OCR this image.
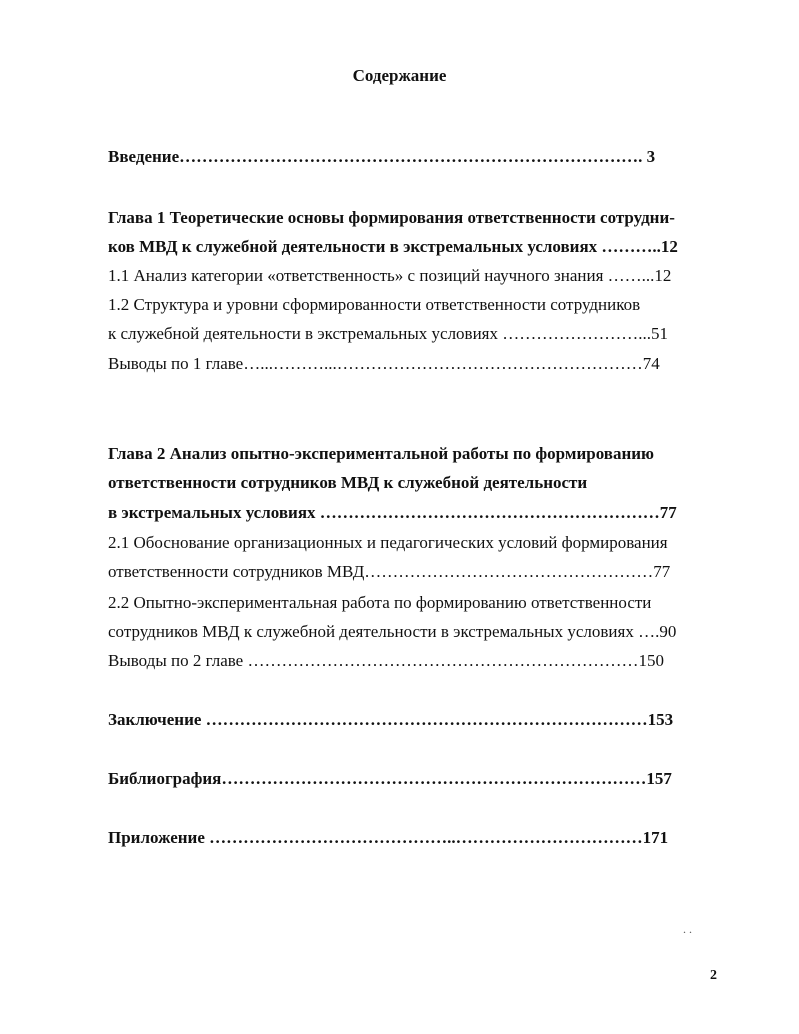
Содержание
Введение………………………………………………………………………. 3
Глава 1 Теоретические основы формирования ответственности сотрудни-
ков МВД к служебной деятельности в экстремальных условиях ………..12
1.1 Анализ категории «ответственность» с позиций научного знания ……...12
1.2 Структура и уровни сформированности ответственности сотрудников
к служебной деятельности в экстремальных условиях ……………………...51
Выводы по 1 главе…...………...………………………………………………74
Глава 2 Анализ опытно-экспериментальной работы по формированию
ответственности сотрудников МВД к служебной деятельности
в экстремальных условиях ……………………………………………………77
2.1 Обоснование организационных и педагогических условий формирования
ответственности сотрудников МВД……………………………………………77
2.2 Опытно-экспериментальная работа по формированию ответственности
сотрудников МВД к служебной деятельности в экстремальных условиях ….90
Выводы по 2 главе ……………………………………………………………150
Заключение ……………………………………………………………………153
Библиография…………………………………………………………………157
Приложение ……………………………………..……………………………171
. .
2
